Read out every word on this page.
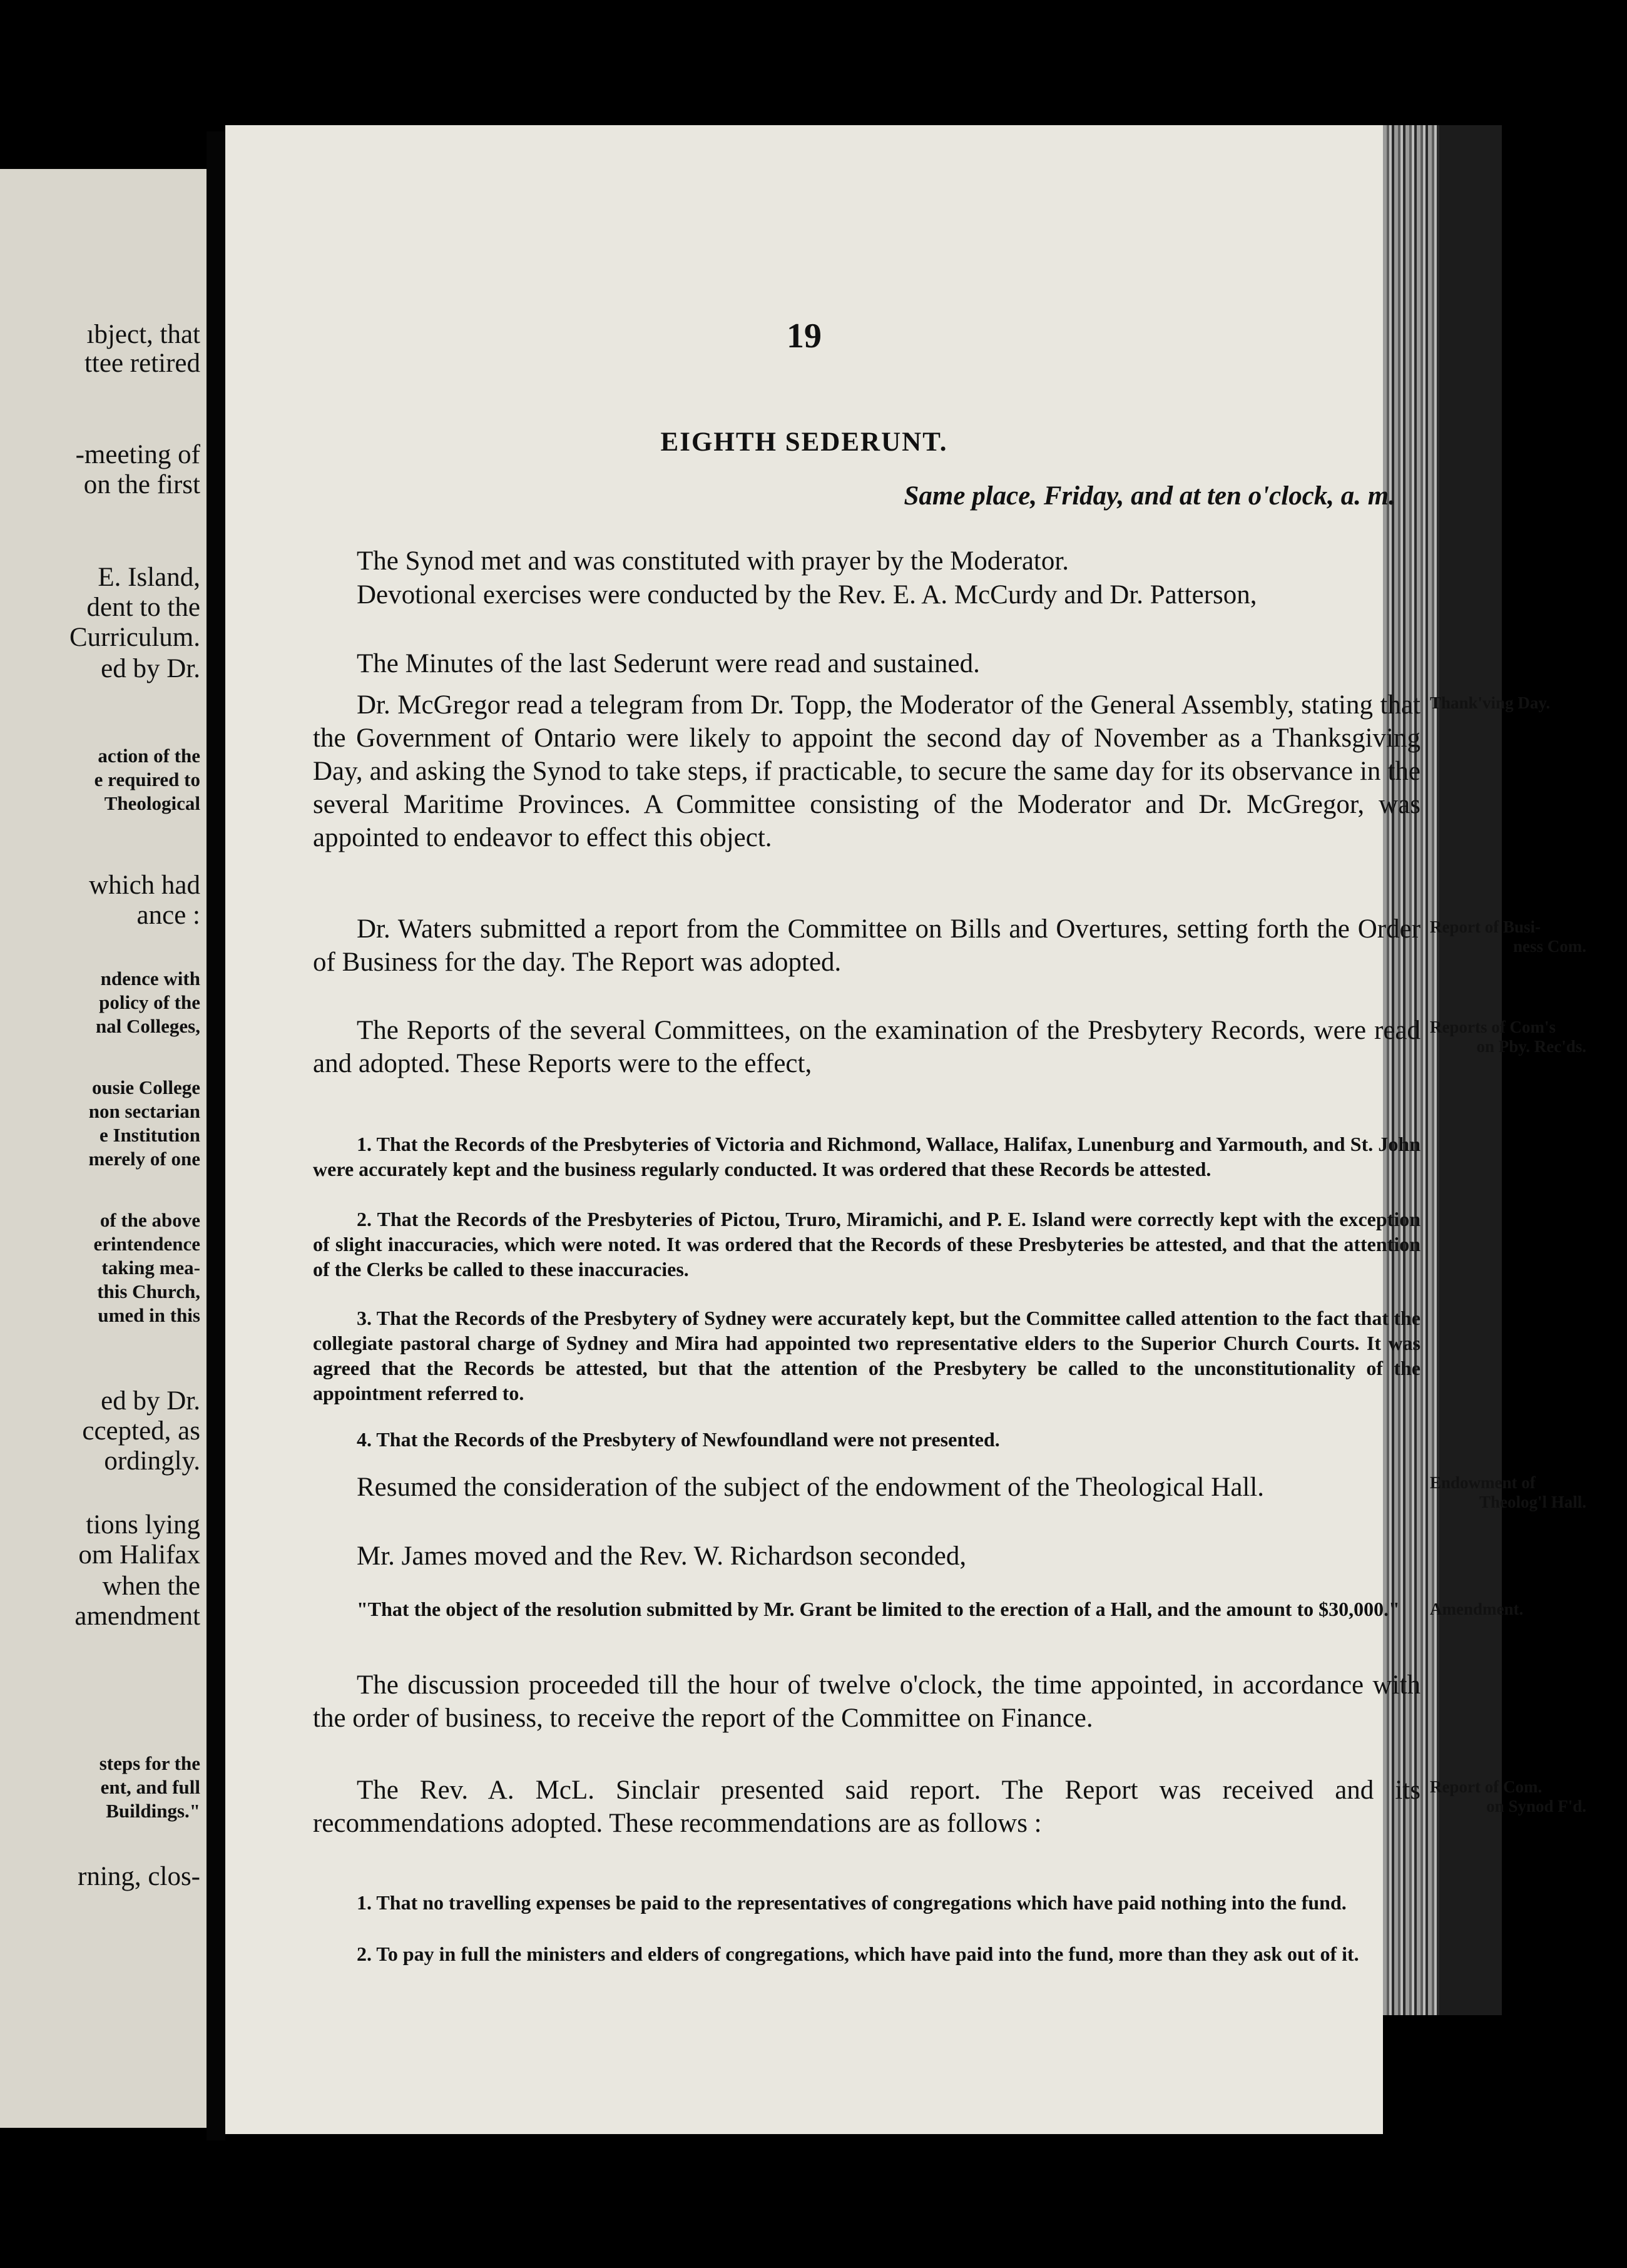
ıbject, that
ttee retired
-meeting of
on the first
E. Island,
dent to the
Curriculum.
ed by Dr.
action of the
e required to
Theological
which had
ance :
ndence with
policy of the
nal Colleges,
ousie College
non sectarian
e Institution
merely of one
of the above
erintendence
taking mea-
this Church,
umed in this
ed by Dr.
ccepted, as
ordingly.
tions lying
om Halifax
when the
amendment
steps for the
ent, and full
Buildings."
rning, clos-
19
EIGHTH SEDERUNT.
Same place, Friday, and at ten o'clock, a. m.
The Synod met and was constituted with prayer by the Moderator.
Devotional exercises were conducted by the Rev. E. A. McCurdy and Dr. Patterson,
The Minutes of the last Sederunt were read and sustained.
Dr. McGregor read a telegram from Dr. Topp, the Moderator of the General Assembly, stating that the Government of Ontario were likely to appoint the second day of November as a Thanksgiving Day, and asking the Synod to take steps, if practicable, to secure the same day for its observance in the several Maritime Provinces. A Committee consisting of the Moderator and Dr. McGregor, was appointed to endeavor to effect this object.
Dr. Waters submitted a report from the Committee on Bills and Overtures, setting forth the Order of Business for the day. The Report was adopted.
The Reports of the several Committees, on the examination of the Presbytery Records, were read and adopted. These Reports were to the effect,
1. That the Records of the Presbyteries of Victoria and Richmond, Wallace, Halifax, Lunenburg and Yarmouth, and St. John were accurately kept and the business regularly conducted. It was ordered that these Records be attested.
2. That the Records of the Presbyteries of Pictou, Truro, Miramichi, and P. E. Island were correctly kept with the exception of slight inaccuracies, which were noted. It was ordered that the Records of these Presbyteries be attested, and that the attention of the Clerks be called to these inaccuracies.
3. That the Records of the Presbytery of Sydney were accurately kept, but the Committee called attention to the fact that the collegiate pastoral charge of Sydney and Mira had appointed two representative elders to the Superior Church Courts. It was agreed that the Records be attested, but that the attention of the Presbytery be called to the unconstitutionality of the appointment referred to.
4. That the Records of the Presbytery of Newfoundland were not presented.
Resumed the consideration of the subject of the endowment of the Theological Hall.
Mr. James moved and the Rev. W. Richardson seconded,
The discussion proceeded till the hour of twelve o'clock, the time appointed, in accordance with the order of business, to receive the report of the Committee on Finance.
The Rev. A. McL. Sinclair presented said report. The Report was received and its recommendations adopted. These recommendations are as follows :
1. That no travelling expenses be paid to the representatives of congregations which have paid nothing into the fund.
2. To pay in full the ministers and elders of congregations, which have paid into the fund, more than they ask out of it.
"That the object of the resolution submitted by Mr. Grant be limited to the erection of a Hall, and the amount to $30,000."
Thank'ving Day.
Report of Busi-
ness Com.
Reports of Com's
on Pby. Rec'ds.
Endowment of
Theolog'l Hall.
Amendment.
Report of Com.
on Synod F'd.
